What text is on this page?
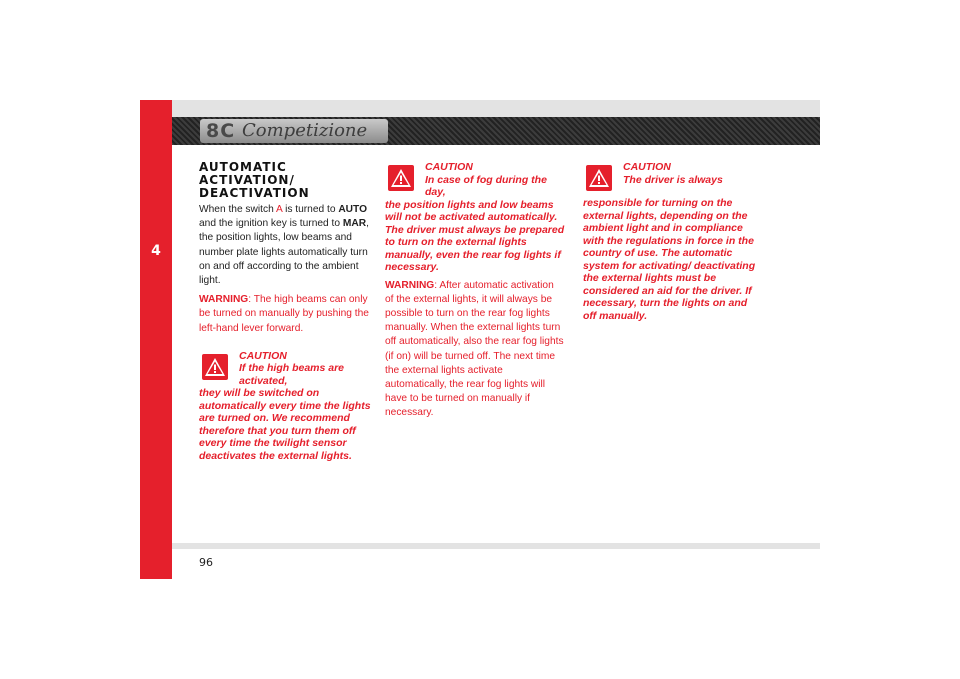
4
8C Competizione
AUTOMATIC
ACTIVATION/
DEACTIVATION

When the switch A is turned to AUTO and the ignition key is turned to MAR, the position lights, low beams and number plate lights automatically turn on and off according to the ambient light.

WARNING: The high beams can only be turned on manually by pushing the left-hand lever forward.

CAUTION
If the high beams are activated,

they will be switched on automatically every time the lights are turned on. We recommend therefore that you turn them off every time the twilight sensor deactivates the external lights.

CAUTION
In case of fog during the day,

the position lights and low beams will not be activated automatically. The driver must always be prepared to turn on the external lights manually, even the rear fog lights if necessary.

WARNING: After automatic activation of the external lights, it will always be possible to turn on the rear fog lights manually. When the external lights turn off automatically, also the rear fog lights (if on) will be turned off. The next time the external lights activate automatically, the rear fog lights will have to be turned on manually if necessary.

CAUTION
The driver is always

responsible for turning on the external lights, depending on the ambient light and in compliance with the regulations in force in the country of use. The automatic system for activating/ deactivating the external lights must be considered an aid for the driver. If necessary, turn the lights on and off manually.

96
